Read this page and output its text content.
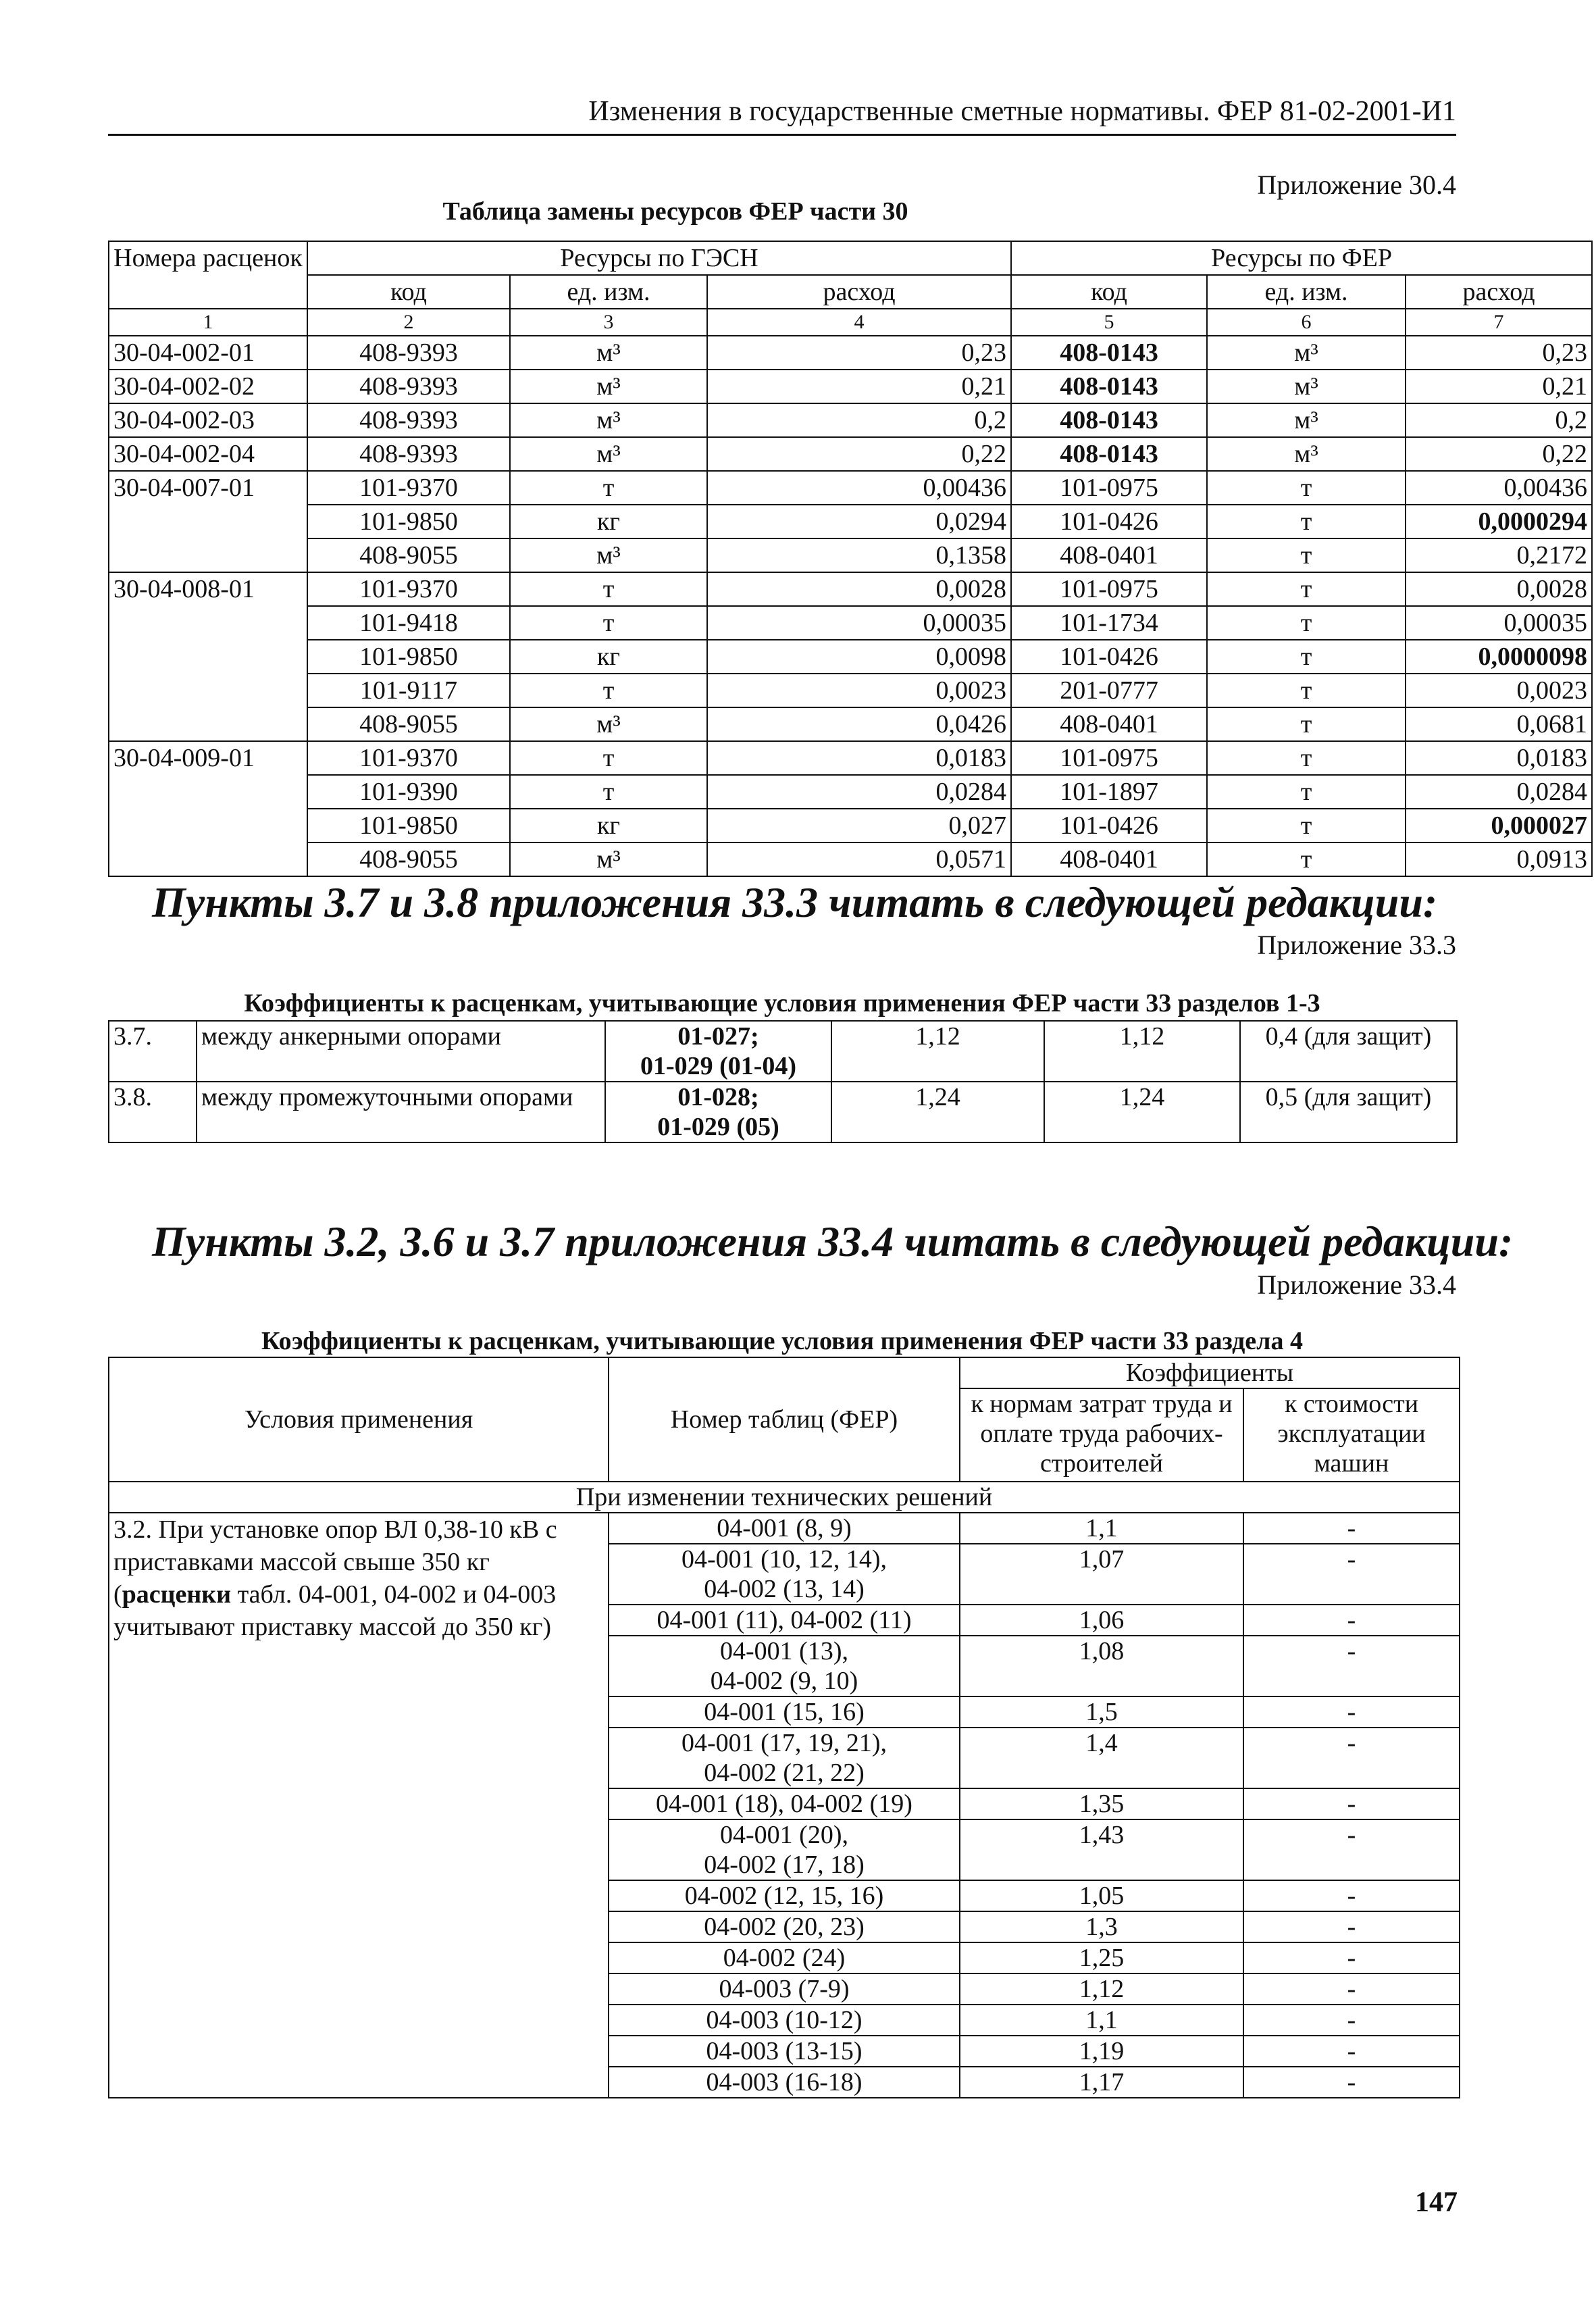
Изменения в государственные сметные нормативы. ФЕР 81-02-2001-И1
Приложение 30.4
Таблица замены ресурсов ФЕР части 30
Номера расценок	Ресурсы по ГЭСН			Ресурсы по ФЕР		
	код	ед. изм.	расход	код	ед. изм.	расход
1	2	3	4	5	6	7
30-04-002-01	408-9393	м³	0,23	408-0143	м³	0,23
30-04-002-02	408-9393	м³	0,21	408-0143	м³	0,21
30-04-002-03	408-9393	м³	0,2	408-0143	м³	0,2
30-04-002-04	408-9393	м³	0,22	408-0143	м³	0,22
30-04-007-01	101-9370	т	0,00436	101-0975	т	0,00436
	101-9850	кг	0,0294	101-0426	т	0,0000294
	408-9055	м³	0,1358	408-0401	т	0,2172
30-04-008-01	101-9370	т	0,0028	101-0975	т	0,0028
	101-9418	т	0,00035	101-1734	т	0,00035
	101-9850	кг	0,0098	101-0426	т	0,0000098
	101-9117	т	0,0023	201-0777	т	0,0023
	408-9055	м³	0,0426	408-0401	т	0,0681
30-04-009-01	101-9370	т	0,0183	101-0975	т	0,0183
	101-9390	т	0,0284	101-1897	т	0,0284
	101-9850	кг	0,027	101-0426	т	0,000027
	408-9055	м³	0,0571	408-0401	т	0,0913
Пункты 3.7 и 3.8 приложения 33.3 читать в следующей редакции:
Приложение 33.3
Коэффициенты к расценкам, учитывающие условия применения ФЕР части 33 разделов 1-3
3.7.	между анкерными опорами	01-027;
01-029 (01-04)	1,12	1,12	0,4 (для защит)
3.8.	между промежуточными опорами	01-028;
01-029 (05)	1,24	1,24	0,5 (для защит)
Пункты 3.2, 3.6 и 3.7 приложения 33.4 читать в следующей редакции:
Приложение 33.4
Коэффициенты к расценкам, учитывающие условия применения ФЕР части 33 раздела 4
Условия применения	Номер таблиц (ФЕР)	Коэффициенты	
		к нормам затрат труда и оплате труда рабочих-строителей	к стоимости эксплуатации машин
При изменении технических решений			
3.2. При установке опор ВЛ 0,38-10 кВ с приставками массой свыше 350 кг (расценки табл. 04-001, 04-002 и 04-003 учитывают приставку массой до 350 кг)	04-001 (8, 9)	1,1	-
	04-001 (10, 12, 14),
04-002 (13, 14)	1,07	-
	04-001 (11), 04-002 (11)	1,06	-
	04-001 (13),
04-002 (9, 10)	1,08	-
	04-001 (15, 16)	1,5	-
	04-001 (17, 19, 21),
04-002 (21, 22)	1,4	-
	04-001 (18), 04-002 (19)	1,35	-
	04-001 (20),
04-002 (17, 18)	1,43	-
	04-002 (12, 15, 16)	1,05	-
	04-002 (20, 23)	1,3	-
	04-002 (24)	1,25	-
	04-003 (7-9)	1,12	-
	04-003 (10-12)	1,1	-
	04-003 (13-15)	1,19	-
	04-003 (16-18)	1,17	-
147
